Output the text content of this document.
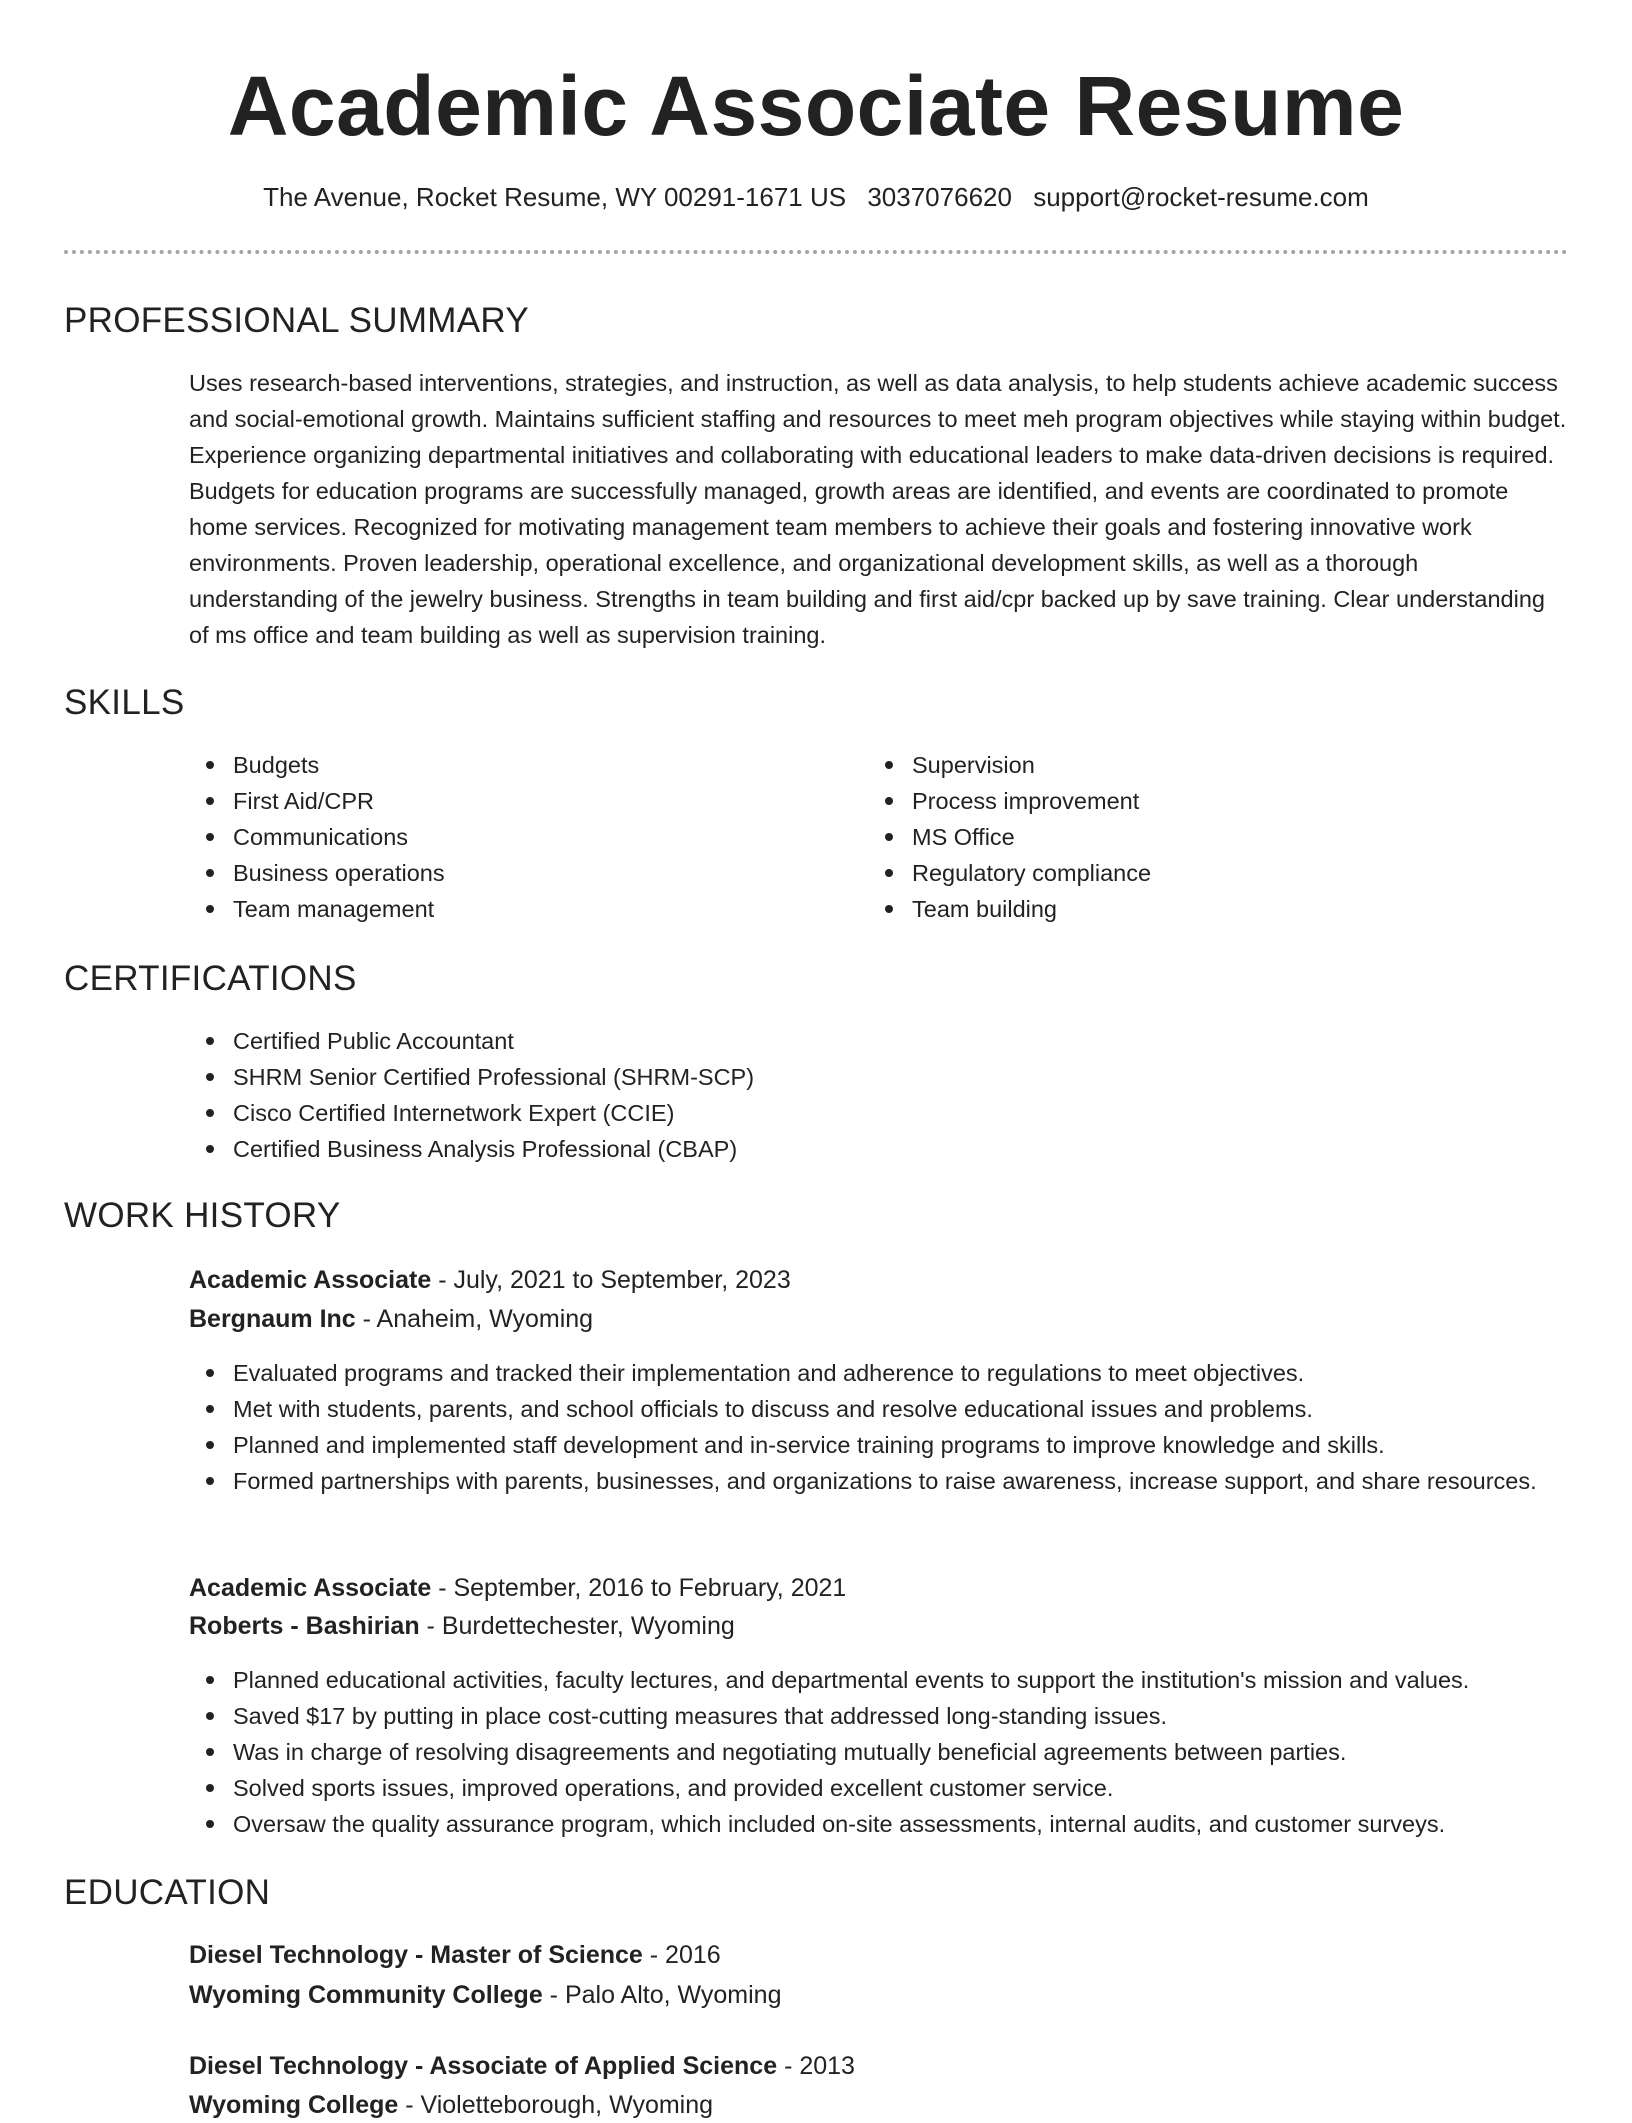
Academic Associate Resume
The Avenue, Rocket Resume, WY 00291-1671 US 3037076620 support@rocket-resume.com
PROFESSIONAL SUMMARY

Uses research-based interventions, strategies, and instruction, as well as data analysis, to help students achieve academic success and social-emotional growth. Maintains sufficient staffing and resources to meet meh program objectives while staying within budget. Experience organizing departmental initiatives and collaborating with educational leaders to make data-driven decisions is required. Budgets for education programs are successfully managed, growth areas are identified, and events are coordinated to promote home services. Recognized for motivating management team members to achieve their goals and fostering innovative work environments. Proven leadership, operational excellence, and organizational development skills, as well as a thorough understanding of the jewelry business. Strengths in team building and first aid/cpr backed up by save training. Clear understanding of ms office and team building as well as supervision training.

SKILLS
Budgets
First Aid/CPR
Communications
Business operations
Team management
Supervision
Process improvement
MS Office
Regulatory compliance
Team building
CERTIFICATIONS
Certified Public Accountant
SHRM Senior Certified Professional (SHRM-SCP)
Cisco Certified Internetwork Expert (CCIE)
Certified Business Analysis Professional (CBAP)
WORK HISTORY
Academic Associate - July, 2021 to September, 2023
Bergnaum Inc - Anaheim, Wyoming
Evaluated programs and tracked their implementation and adherence to regulations to meet objectives.
Met with students, parents, and school officials to discuss and resolve educational issues and problems.
Planned and implemented staff development and in-service training programs to improve knowledge and skills.
Formed partnerships with parents, businesses, and organizations to raise awareness, increase support, and share resources.
Academic Associate - September, 2016 to February, 2021
Roberts - Bashirian - Burdettechester, Wyoming
Planned educational activities, faculty lectures, and departmental events to support the institution's mission and values.
Saved $17 by putting in place cost-cutting measures that addressed long-standing issues.
Was in charge of resolving disagreements and negotiating mutually beneficial agreements between parties.
Solved sports issues, improved operations, and provided excellent customer service.
Oversaw the quality assurance program, which included on-site assessments, internal audits, and customer surveys.
EDUCATION
Diesel Technology - Master of Science - 2016
Wyoming Community College - Palo Alto, Wyoming
Diesel Technology - Associate of Applied Science - 2013
Wyoming College - Violetteborough, Wyoming
